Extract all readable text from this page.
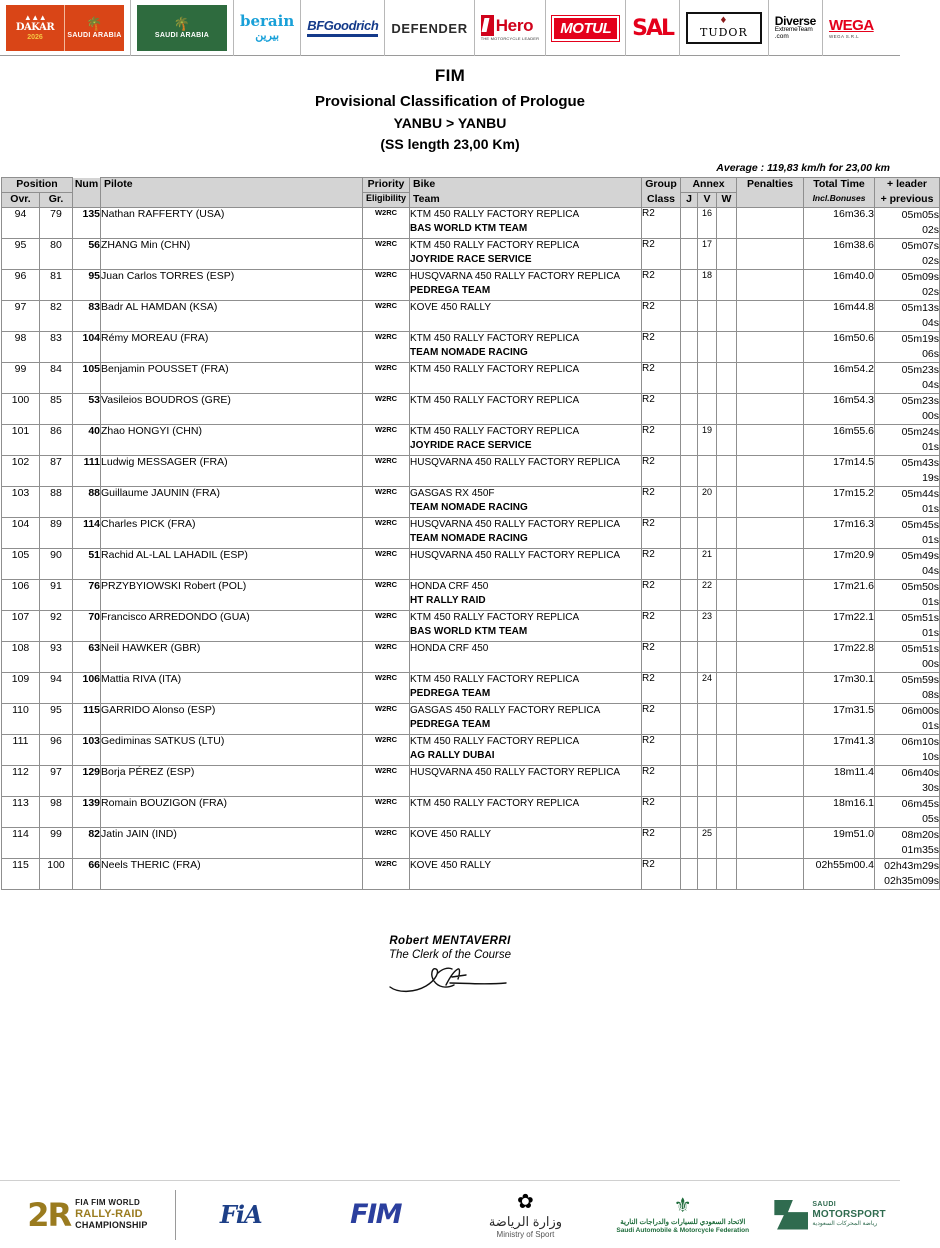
▲▲▲
DAKAR
2026
🌴
SAUDI ARABIA
🌴
SAUDI ARABIA
berain
بيرين
BFGoodrich DEFENDER Hero
THE MOTORCYCLE LEADER
MOTUL SAL	♦
TUDOR
Diverse
ExtremeTeam
.com
WEGA
WEGA S.R.L
FIM
Provisional Classification of Prologue
YANBU > YANBU
(SS length 23,00 Km)
Average : 119,83 km/h for 23,00 km
Position		Num	Pilote	Priority	Bike	Group	Annex			Penalties	Total Time	+ leader
Ovr.	Gr.			Eligibility	Team	Class	J	V	W		Incl.Bonuses	+ previous
94	79	135	Nathan RAFFERTY (USA)	W2RC	KTM 450 RALLY FACTORY REPLICA
BAS WORLD KTM TEAM	R2		16			16m36.3	05m05s
02s

95	80	56	ZHANG Min (CHN)	W2RC	KTM 450 RALLY FACTORY REPLICA
JOYRIDE RACE SERVICE	R2		17			16m38.6	05m07s
02s

96	81	95	Juan Carlos TORRES (ESP)	W2RC	HUSQVARNA 450 RALLY FACTORY REPLICA
PEDREGA TEAM	R2		18			16m40.0	05m09s
02s

97	82	83	Badr AL HAMDAN (KSA)	W2RC	KOVE 450 RALLY	R2					16m44.8	05m13s
04s

98	83	104	Rémy MOREAU (FRA)	W2RC	KTM 450 RALLY FACTORY REPLICA
TEAM NOMADE RACING	R2					16m50.6	05m19s
06s

99	84	105	Benjamin POUSSET (FRA)	W2RC	KTM 450 RALLY FACTORY REPLICA	R2					16m54.2	05m23s
04s

100	85	53	Vasileios BOUDROS (GRE)	W2RC	KTM 450 RALLY FACTORY REPLICA	R2					16m54.3	05m23s
00s

101	86	40	Zhao HONGYI (CHN)	W2RC	KTM 450 RALLY FACTORY REPLICA
JOYRIDE RACE SERVICE	R2		19			16m55.6	05m24s
01s

102	87	111	Ludwig MESSAGER (FRA)	W2RC	HUSQVARNA 450 RALLY FACTORY REPLICA	R2					17m14.5	05m43s
19s

103	88	88	Guillaume JAUNIN (FRA)	W2RC	GASGAS RX 450F
TEAM NOMADE RACING	R2		20			17m15.2	05m44s
01s

104	89	114	Charles PICK (FRA)	W2RC	HUSQVARNA 450 RALLY FACTORY REPLICA
TEAM NOMADE RACING	R2					17m16.3	05m45s
01s

105	90	51	Rachid AL-LAL LAHADIL (ESP)	W2RC	HUSQVARNA 450 RALLY FACTORY REPLICA	R2		21			17m20.9	05m49s
04s

106	91	76	PRZYBYIOWSKI Robert (POL)	W2RC	HONDA CRF 450
HT RALLY RAID	R2		22			17m21.6	05m50s
01s

107	92	70	Francisco ARREDONDO (GUA)	W2RC	KTM 450 RALLY FACTORY REPLICA
BAS WORLD KTM TEAM	R2		23			17m22.1	05m51s
01s

108	93	63	Neil HAWKER (GBR)	W2RC	HONDA CRF 450	R2					17m22.8	05m51s
00s

109	94	106	Mattia RIVA (ITA)	W2RC	KTM 450 RALLY FACTORY REPLICA
PEDREGA TEAM	R2		24			17m30.1	05m59s
08s

110	95	115	GARRIDO Alonso (ESP)	W2RC	GASGAS 450 RALLY FACTORY REPLICA
PEDREGA TEAM	R2					17m31.5	06m00s
01s

111	96	103	Gediminas SATKUS (LTU)	W2RC	KTM 450 RALLY FACTORY REPLICA
AG RALLY DUBAI	R2					17m41.3	06m10s
10s

112	97	129	Borja PÉREZ (ESP)	W2RC	HUSQVARNA 450 RALLY FACTORY REPLICA	R2					18m11.4	06m40s
30s

113	98	139	Romain BOUZIGON (FRA)	W2RC	KTM 450 RALLY FACTORY REPLICA	R2					18m16.1	06m45s
05s

114	99	82	Jatin JAIN (IND)	W2RC	KOVE 450 RALLY	R2		25			19m51.0	08m20s
01m35s

115	100	66	Neels THERIC (FRA)	W2RC	KOVE 450 RALLY	R2					02h55m00.4	02h43m29s
02h35m09s
Robert MENTAVERRI
The Clerk of the Course
2R FIA FIM WORLD
RALLY-RAID
CHAMPIONSHIP	FiA	FIM	✿
وزارة الرياضة
Ministry of Sport
⚜
الاتحاد السعودي للسيارات والدراجات النارية
Saudi Automobile & Motorcycle Federation
SAUDI
MOTORSPORT
رياضة المحركات السعودية
